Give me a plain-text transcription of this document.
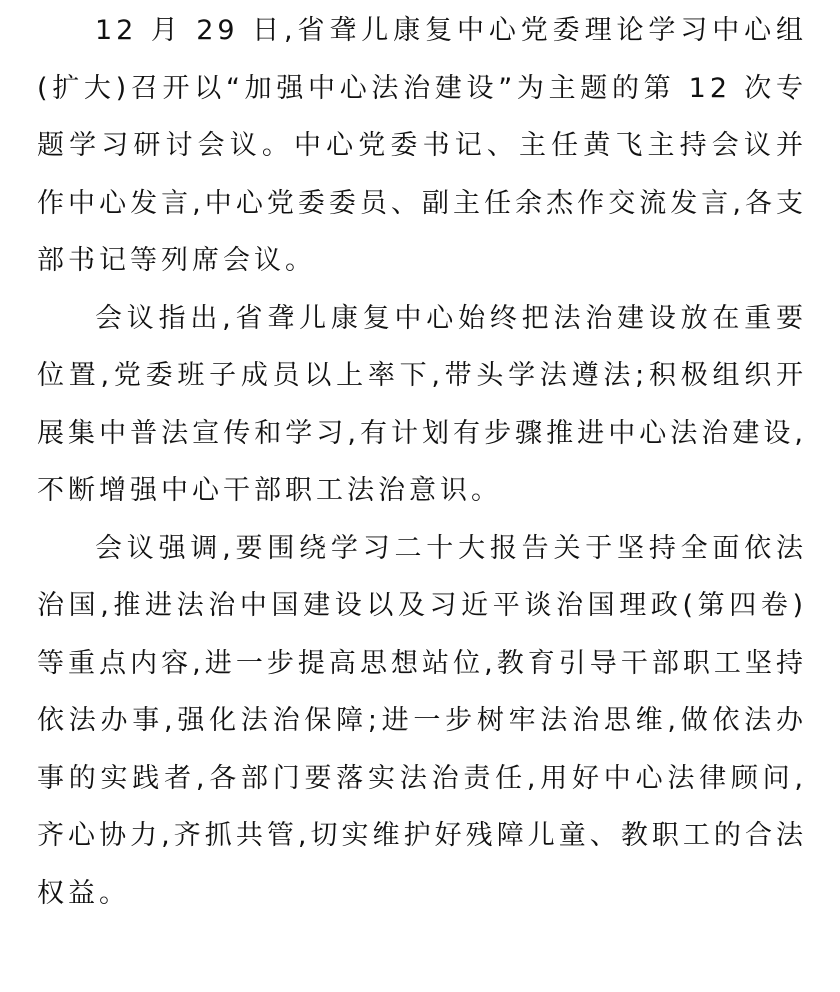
12 月 29 日,省聋儿康复中心党委理论学习中心组(扩大)召开以“加强中心法治建设”为主题的第 12 次专题学习研讨会议。中心党委书记、主任黄飞主持会议并作中心发言,中心党委委员、副主任余杰作交流发言,各支部书记等列席会议。

会议指出,省聋儿康复中心始终把法治建设放在重要位置,党委班子成员以上率下,带头学法遵法;积极组织开展集中普法宣传和学习,有计划有步骤推进中心法治建设,不断增强中心干部职工法治意识。

会议强调,要围绕学习二十大报告关于坚持全面依法治国,推进法治中国建设以及习近平谈治国理政(第四卷)等重点内容,进一步提高思想站位,教育引导干部职工坚持依法办事,强化法治保障;进一步树牢法治思维,做依法办事的实践者,各部门要落实法治责任,用好中心法律顾问,齐心协力,齐抓共管,切实维护好残障儿童、教职工的合法权益。
